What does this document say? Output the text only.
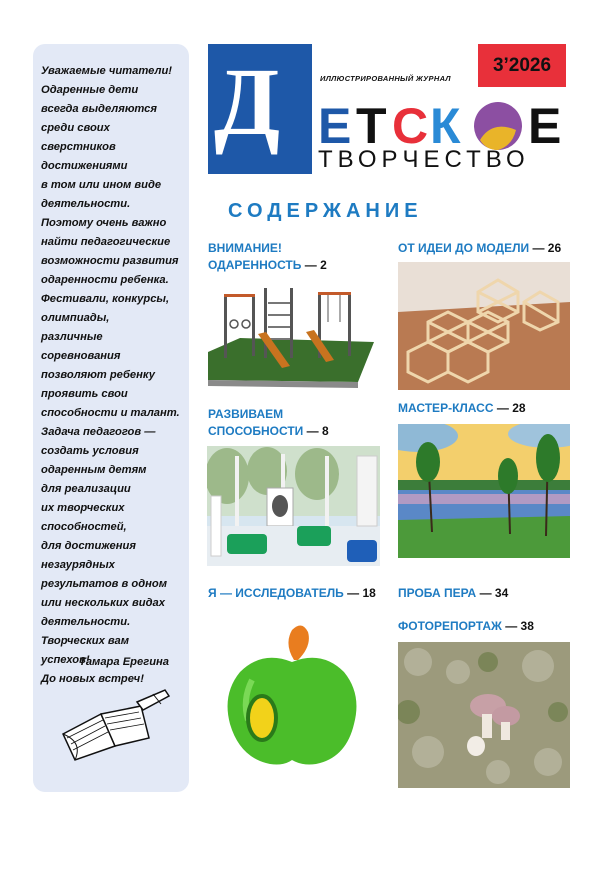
Уважаемые читатели!
Одаренные дети
всегда выделяются
среди своих
сверстников
достижениями
в том или ином виде
деятельности.
Поэтому очень важно
найти педагогические
возможности развития
одаренности ребенка.
Фестивали, конкурсы,
олимпиады,
различные
соревнования
позволяют ребенку
проявить свои
способности и талант.
Задача педагогов —
создать условия
одаренным детям
для реализации
их творческих
способностей,
для достижения
незаурядных
результатов в одном
или нескольких видах
деятельности.
Творческих вам
успехов!
До новых встреч!
Тамара Ерегина
Д	ИЛЛЮСТРИРОВАННЫЙ ЖУРНАЛ
3’2026
Е Т С К Е
ТВОРЧЕСТВО
СОДЕРЖАНИЕ
ВНИМАНИЕ!
ОДАРЕННОСТЬ — 2
ОТ ИДЕИ ДО МОДЕЛИ — 26
РАЗВИВАЕМ
СПОСОБНОСТИ — 8
МАСТЕР-КЛАСС — 28
Я — ИССЛЕДОВАТЕЛЬ — 18 ПРОБА ПЕРА — 34
ФОТОРЕПОРТАЖ — 38
